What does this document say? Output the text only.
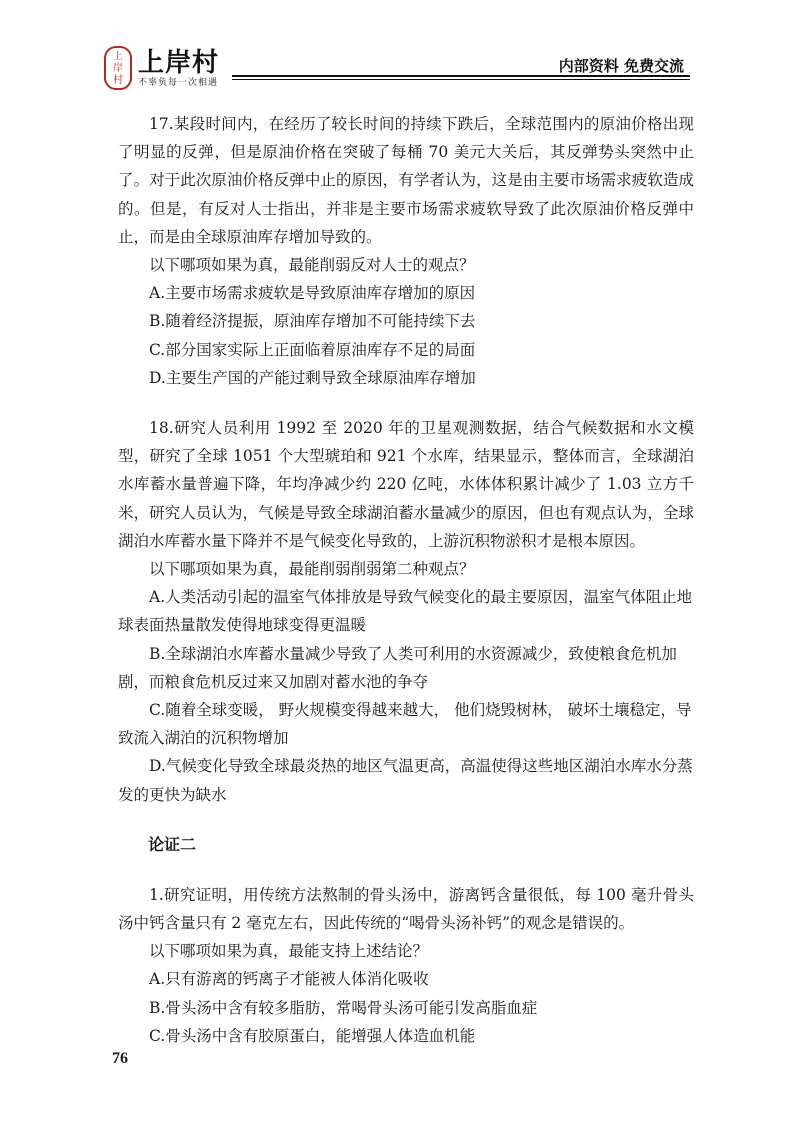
上
岸
村
上岸村
不辜负每一次相遇
内部资料 免费交流

17.某段时间内，在经历了较长时间的持续下跌后，全球范围内的原油价格出现了明显的反弹，但是原油价格在突破了每桶 70 美元大关后，其反弹势头突然中止了。对于此次原油价格反弹中止的原因，有学者认为，这是由主要市场需求疲软造成的。但是，有反对人士指出，并非是主要市场需求疲软导致了此次原油价格反弹中止，而是由全球原油库存增加导致的。

以下哪项如果为真，最能削弱反对人士的观点？

A.主要市场需求疲软是导致原油库存增加的原因

B.随着经济提振，原油库存增加不可能持续下去

C.部分国家实际上正面临着原油库存不足的局面

D.主要生产国的产能过剩导致全球原油库存增加

18.研究人员利用 1992 至 2020 年的卫星观测数据，结合气候数据和水文模型，研究了全球 1051 个大型琥珀和 921 个水库，结果显示，整体而言，全球湖泊水库蓄水量普遍下降，年均净减少约 220 亿吨，水体体积累计减少了 1.03 立方千米，研究人员认为，气候是导致全球湖泊蓄水量减少的原因，但也有观点认为，全球湖泊水库蓄水量下降并不是气候变化导致的，上游沉积物淤积才是根本原因。

以下哪项如果为真，最能削弱削弱第二种观点？

A.人类活动引起的温室气体排放是导致气候变化的最主要原因，温室气体阻止地球表面热量散发使得地球变得更温暖

B.全球湖泊水库蓄水量减少导致了人类可利用的水资源减少，致使粮食危机加剧，而粮食危机反过来又加剧对蓄水池的争夺

C.随着全球变暖， 野火规模变得越来越大， 他们烧毁树林， 破坏土壤稳定，导致流入湖泊的沉积物增加

D.气候变化导致全球最炎热的地区气温更高，高温使得这些地区湖泊水库水分蒸发的更快为缺水

论证二

1.研究证明，用传统方法熬制的骨头汤中，游离钙含量很低，每 100 毫升骨头汤中钙含量只有 2 毫克左右，因此传统的“喝骨头汤补钙”的观念是错误的。

以下哪项如果为真，最能支持上述结论？

A.只有游离的钙离子才能被人体消化吸收

B.骨头汤中含有较多脂肪，常喝骨头汤可能引发高脂血症

C.骨头汤中含有胶原蛋白，能增强人体造血机能

76
